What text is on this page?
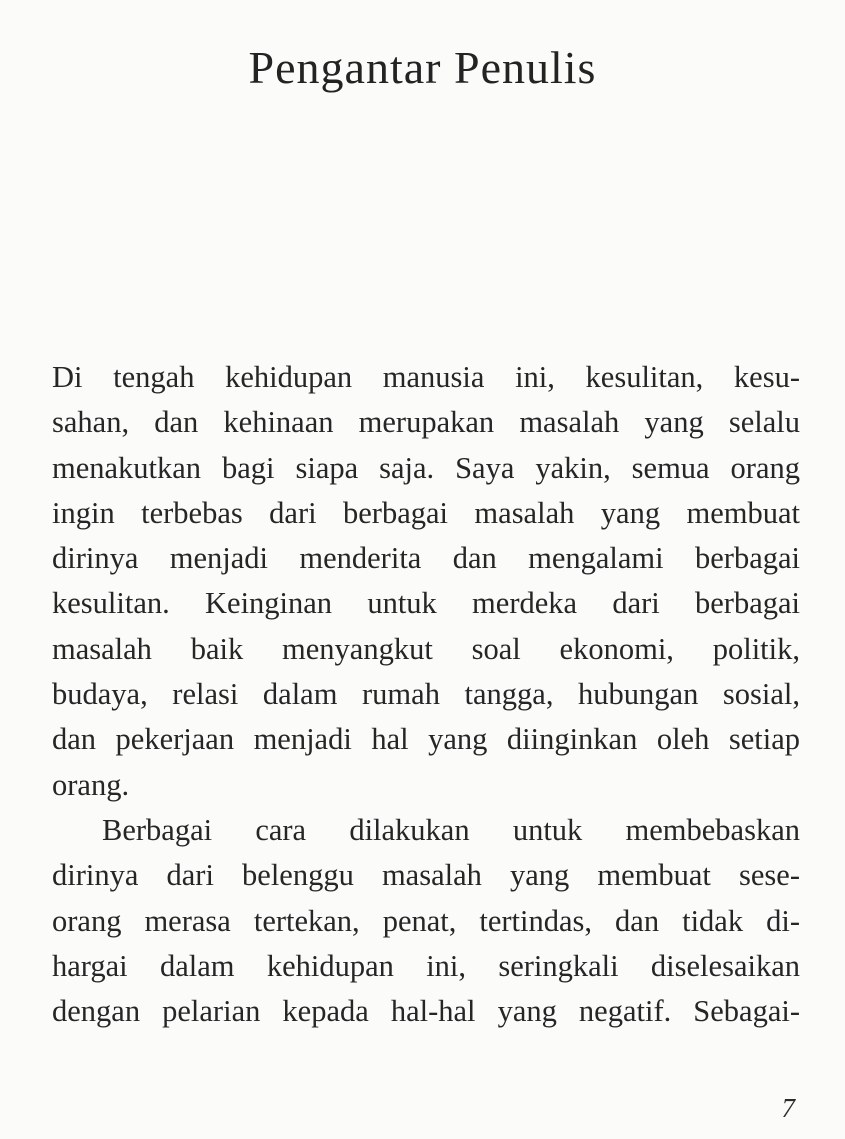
Pengantar Penulis
Di tengah kehidupan manusia ini, kesulitan, kesu-
sahan, dan kehinaan merupakan masalah yang selalu
menakutkan bagi siapa saja. Saya yakin, semua orang
ingin terbebas dari berbagai masalah yang membuat
dirinya menjadi menderita dan mengalami berbagai
kesulitan. Keinginan untuk merdeka dari berbagai
masalah baik menyangkut soal ekonomi, politik,
budaya, relasi dalam rumah tangga, hubungan sosial,
dan pekerjaan menjadi hal yang diinginkan oleh setiap
orang.
Berbagai cara dilakukan untuk membebaskan
dirinya dari belenggu masalah yang membuat sese-
orang merasa tertekan, penat, tertindas, dan tidak di-
hargai dalam kehidupan ini, seringkali diselesaikan
dengan pelarian kepada hal-hal yang negatif. Sebagai-
7
